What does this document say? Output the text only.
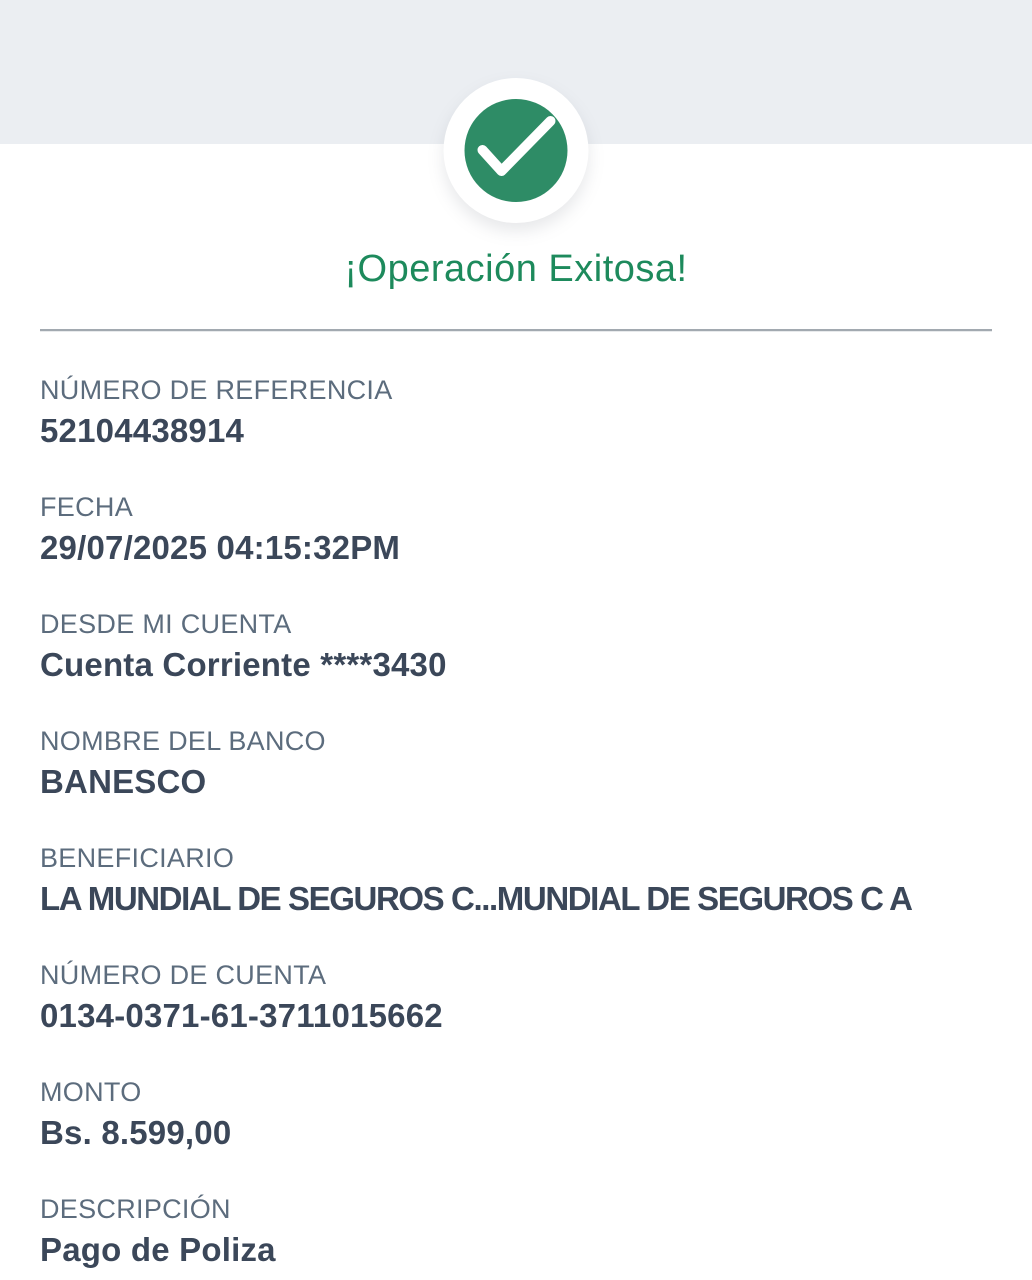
¡Operación Exitosa!
NÚMERO DE REFERENCIA
52104438914
FECHA
29/07/2025 04:15:32PM
DESDE MI CUENTA
Cuenta Corriente ****3430
NOMBRE DEL BANCO
BANESCO
BENEFICIARIO
LA MUNDIAL DE SEGUROS C...MUNDIAL DE SEGUROS C A
NÚMERO DE CUENTA
0134-0371-61-3711015662
MONTO
Bs. 8.599,00
DESCRIPCIÓN
Pago de Poliza
